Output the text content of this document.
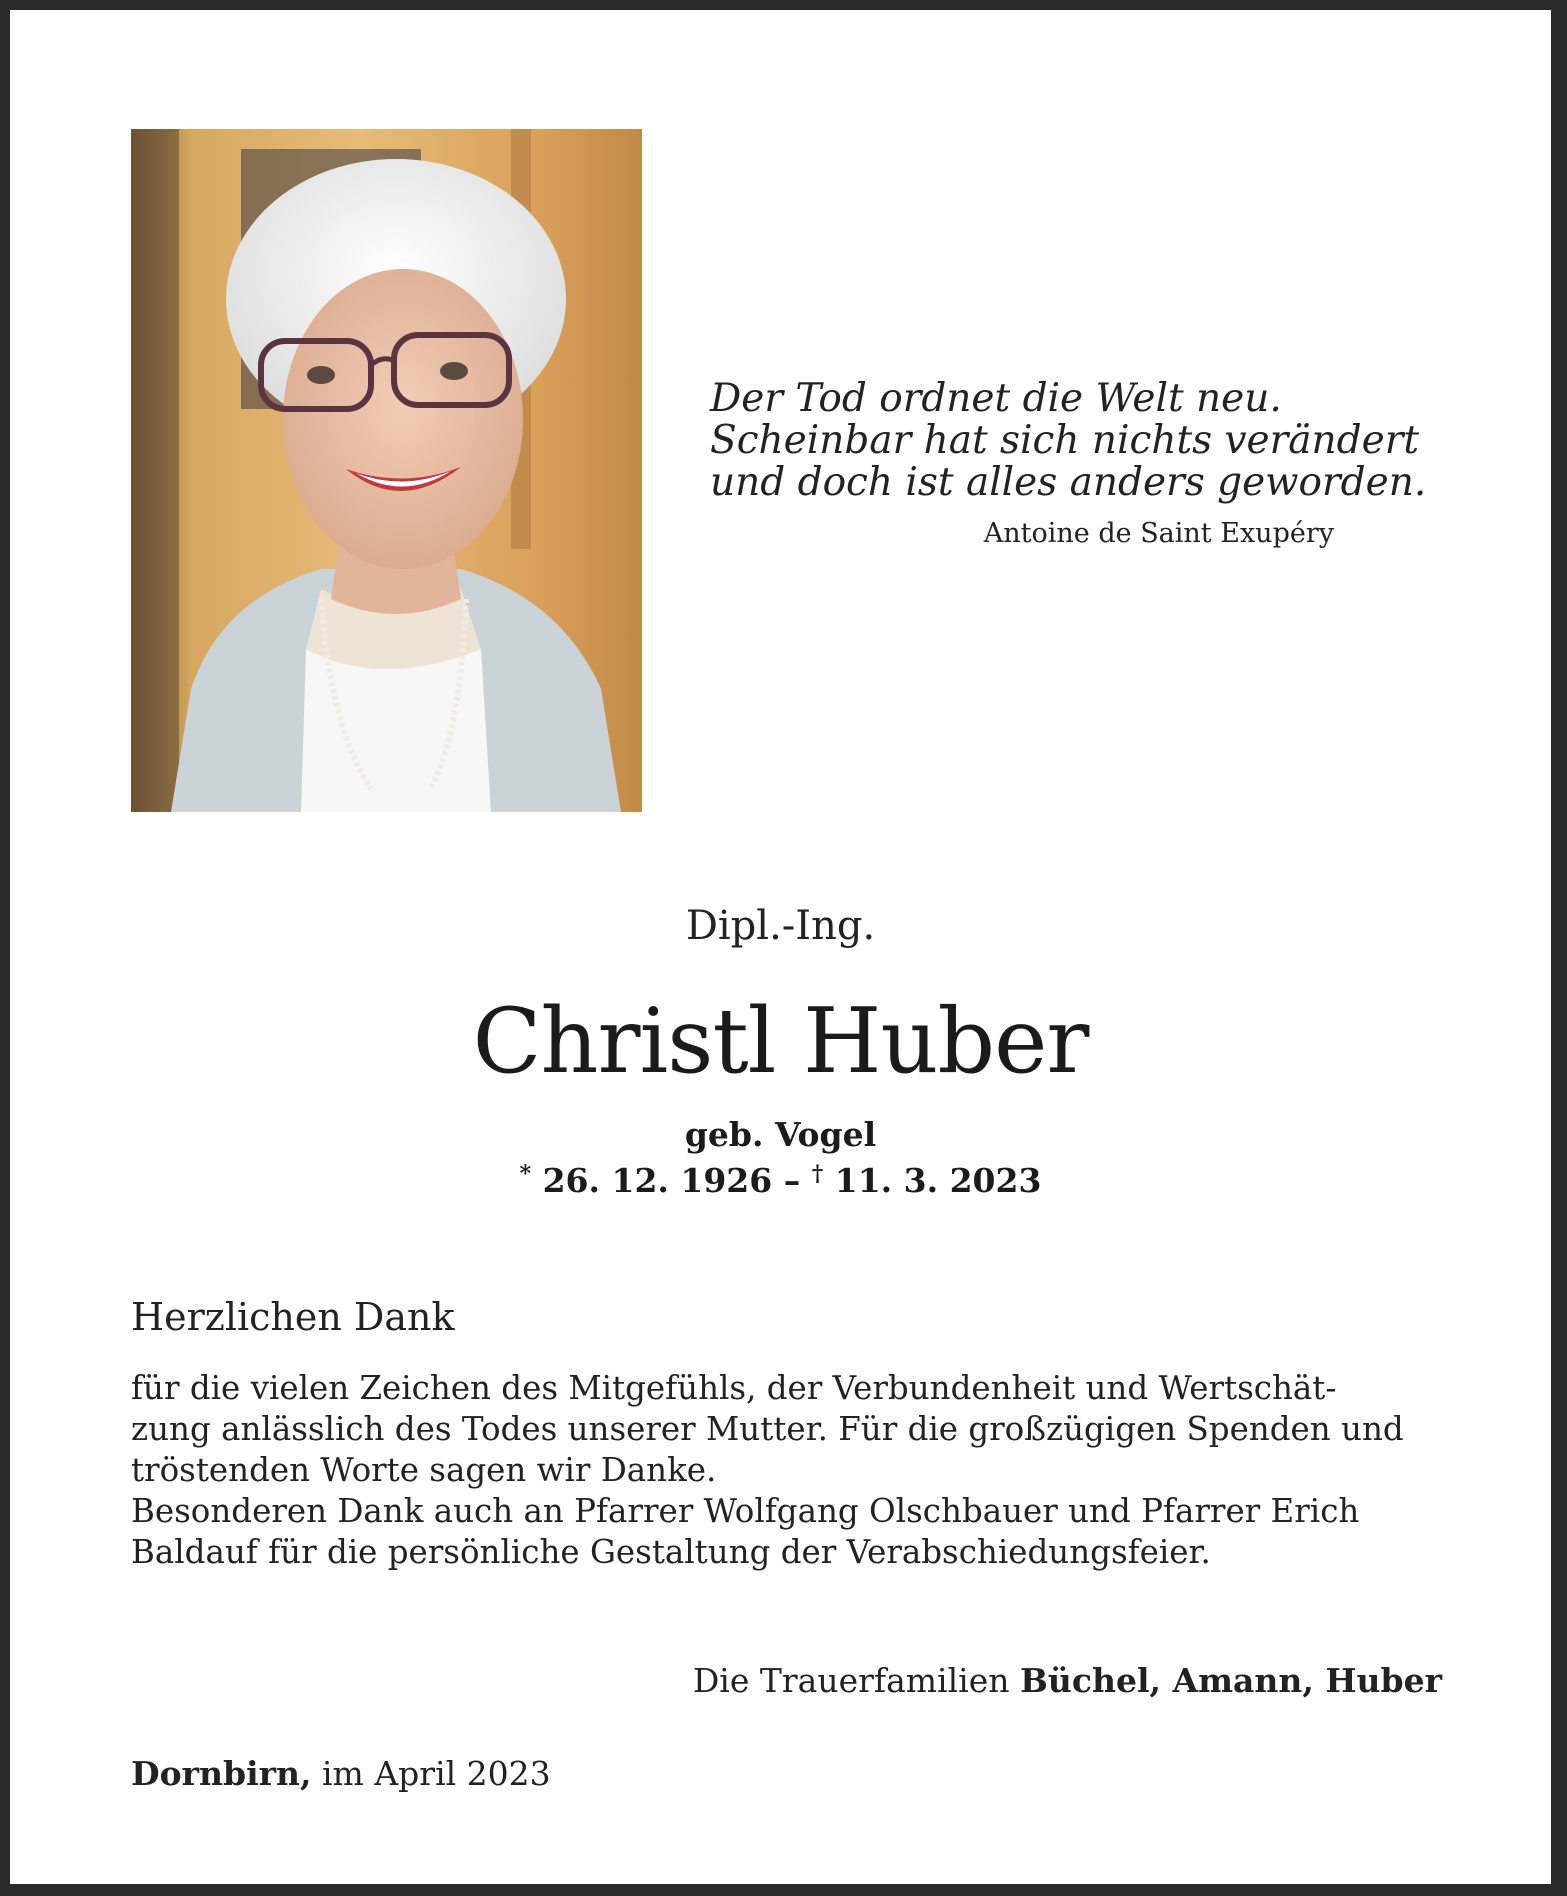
Der Tod ordnet die Welt neu.
Scheinbar hat sich nichts verändert
und doch ist alles anders geworden.
Antoine de Saint Exupéry
Dipl.-Ing.
Christl Huber
geb. Vogel
* 26. 12. 1926 – † 11. 3. 2023
Herzlichen Dank
für die vielen Zeichen des Mitgefühls, der Verbundenheit und Wertschät-
zung anlässlich des Todes unserer Mutter. Für die großzügigen Spenden und
tröstenden Worte sagen wir Danke.
Besonderen Dank auch an Pfarrer Wolfgang Olschbauer und Pfarrer Erich
Baldauf für die persönliche Gestaltung der Verabschiedungsfeier.
Die Trauerfamilien Büchel, Amann, Huber
Dornbirn, im April 2023
